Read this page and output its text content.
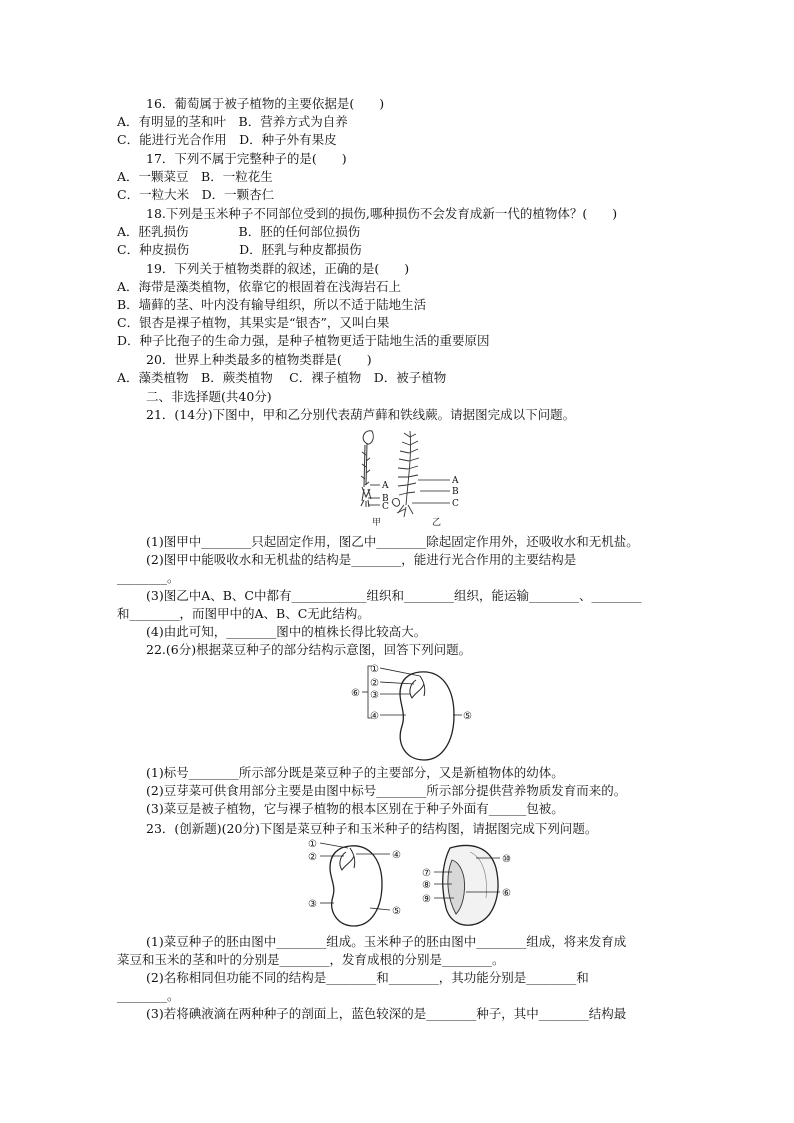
16．葡萄属于被子植物的主要依据是(　　)
A．有明显的茎和叶　B．营养方式为自养
C．能进行光合作用　D．种子外有果皮
17．下列不属于完整种子的是(　　)
A．一颗菜豆　B．一粒花生
C．一粒大米　D．一颗杏仁
18.下列是玉米种子不同部位受到的损伤,哪种损伤不会发育成新一代的植物体？(　　)
A．胚乳损伤　　　　B．胚的任何部位损伤
C．种皮损伤　　　　D．胚乳与种皮都损伤
19．下列关于植物类群的叙述，正确的是(　　)
A．海带是藻类植物，依靠它的根固着在浅海岩石上
B．墙藓的茎、叶内没有输导组织，所以不适于陆地生活
C．银杏是裸子植物，其果实是“银杏”，又叫白果
D．种子比孢子的生命力强，是种子植物更适于陆地生活的重要原因
20．世界上种类最多的植物类群是(　　)
A．藻类植物　B．蕨类植物　 C．裸子植物　D．被子植物
二、非选择题(共40分)
21．(14分)下图中，甲和乙分别代表葫芦藓和铁线蕨。请据图完成以下问题。
A
B
C
A
B
C
甲	乙
(1)图甲中________只起固定作用，图乙中________除起固定作用外，还吸收水和无机盐。
(2)图甲中能吸收水和无机盐的结构是________，能进行光合作用的主要结构是
________。
(3)图乙中A、B、C中都有____________组织和________组织，能运输________、________
和________，而图甲中的A、B、C无此结构。
(4)由此可知，________图中的植株长得比较高大。
22.(6分)根据菜豆种子的部分结构示意图，回答下列问题。
①
②
③
④	⑤
⑥
(1)标号________所示部分既是菜豆种子的主要部分，又是新植物体的幼体。
(2)豆芽菜可供食用部分主要是由图中标号________所示部分提供营养物质发育而来的。
(3)菜豆是被子植物，它与裸子植物的根本区别在于种子外面有______包被。
23．(创新题)(20分)下图是菜豆种子和玉米种子的结构图，请据图完成下列问题。
①
②
③
④
⑤
⑦
⑧
⑨
⑩
⑥
(1)菜豆种子的胚由图中________组成。玉米种子的胚由图中________组成，将来发育成
菜豆和玉米的茎和叶的分别是________，发育成根的分别是________。
(2)名称相同但功能不同的结构是________和________，其功能分别是________和
________。
(3)若将碘液滴在两种种子的剖面上，蓝色较深的是________种子，其中________结构最
